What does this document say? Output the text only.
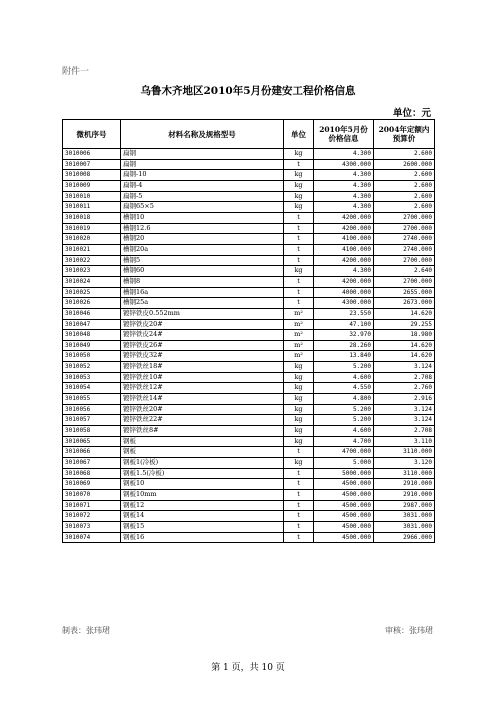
附件一
乌鲁木齐地区2010年5月份建安工程价格信息
单位：元
微机序号	材料名称及规格型号	单位	2010年5月份价格信息	2004年定额内预算价
3010006	扁钢	kg	4.300	2.600
3010007	扁钢	t	4300.000	2600.000
3010008	扁钢-10	kg	4.300	2.600
3010009	扁钢-4	kg	4.300	2.600
3010010	扁钢-5	kg	4.300	2.600
3010011	扁钢65×5	kg	4.300	2.600
3010018	槽钢10	t	4200.000	2700.000
3010019	槽钢12.6	t	4200.000	2700.000
3010020	槽钢20	t	4100.000	2740.000
3010021	槽钢20a	t	4100.000	2740.000
3010022	槽钢5	t	4200.000	2700.000
3010023	槽钢60	kg	4.300	2.640
3010024	槽钢8	t	4200.000	2700.000
3010025	槽钢16a	t	4000.000	2655.000
3010026	槽钢25a	t	4300.000	2673.000
3010046	镀锌铁皮0.552mm	m²	23.550	14.620
3010047	镀锌铁皮20#	m²	47.100	29.255
3010048	镀锌铁皮24#	m²	32.970	18.980
3010049	镀锌铁皮26#	m²	28.260	14.620
3010050	镀锌铁皮32#	m²	13.840	14.620
3010052	镀锌铁丝18#	kg	5.200	3.124
3010053	镀锌铁丝10#	kg	4.600	2.708
3010054	镀锌铁丝12#	kg	4.550	2.760
3010055	镀锌铁丝14#	kg	4.800	2.916
3010056	镀锌铁丝20#	kg	5.200	3.124
3010057	镀锌铁丝22#	kg	5.200	3.124
3010058	镀锌铁丝8#	kg	4.600	2.708
3010065	钢板	kg	4.700	3.110
3010066	钢板	t	4700.000	3110.000
3010067	钢板1(冷板)	kg	5.000	3.120
3010068	钢板1.5(冷板)	t	5000.000	3110.000
3010069	钢板10	t	4500.000	2910.000
3010070	钢板10mm	t	4500.000	2910.000
3010071	钢板12	t	4500.000	2987.000
3010072	钢板14	t	4500.000	3031.000
3010073	钢板15	t	4500.000	3031.000
3010074	钢板16	t	4500.000	2966.000
制表：张玮珺	审核：张玮珺
第 1 页，共 10 页
